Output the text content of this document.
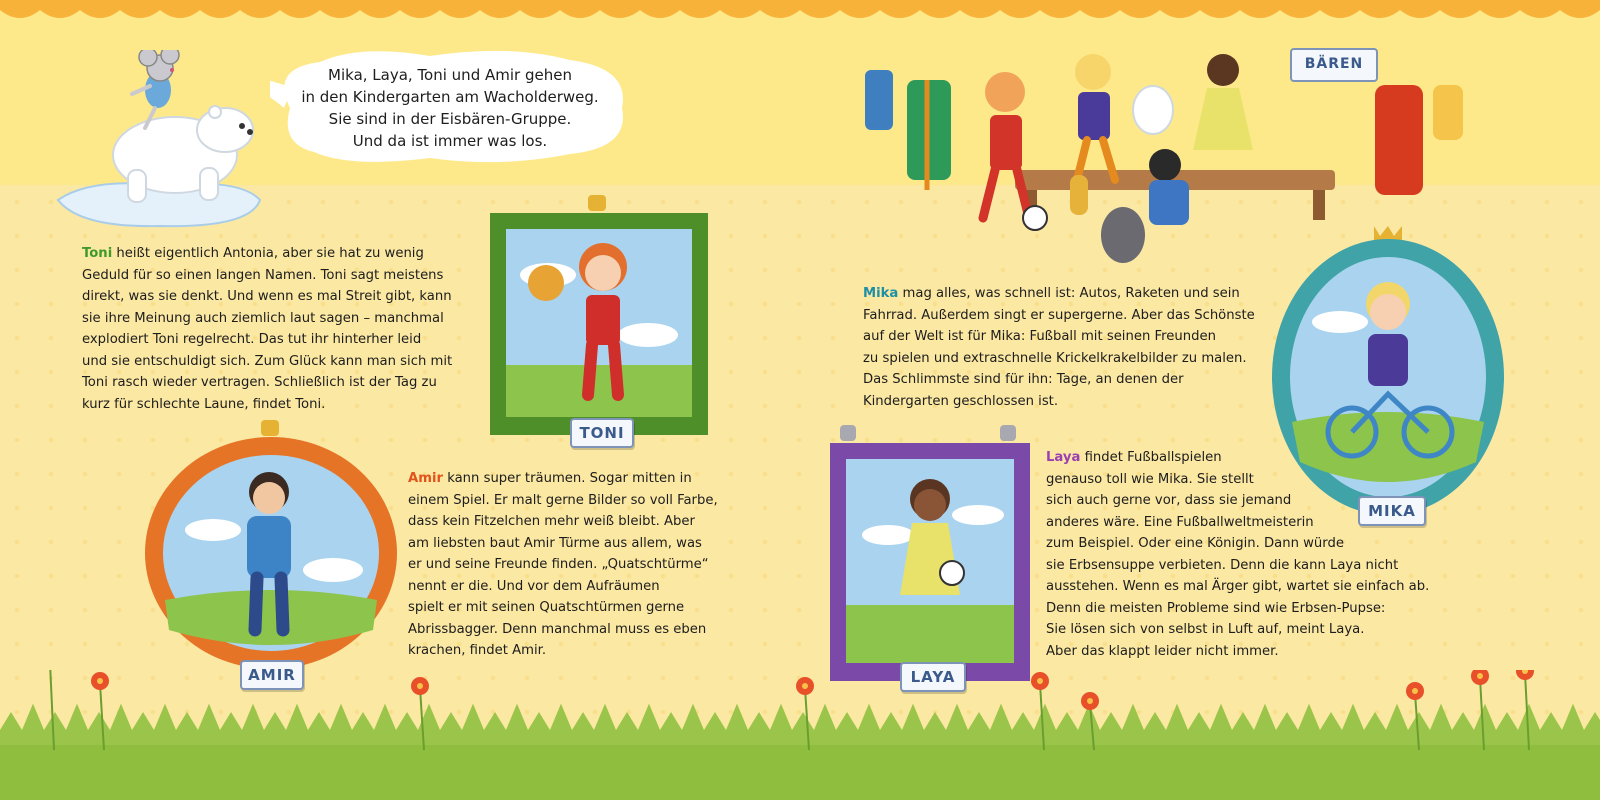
Mika, Laya, Toni und Amir gehen
in den Kindergarten am Wacholderweg.
Sie sind in der Eisbären-Gruppe.
Und da ist immer was los.
BÄREN
Toni heißt eigentlich Antonia, aber sie hat zu wenig
Geduld für so einen langen Namen. Toni sagt meistens
direkt, was sie denkt. Und wenn es mal Streit gibt, kann
sie ihre Meinung auch ziemlich laut sagen – manchmal
explodiert Toni regelrecht. Das tut ihr hinterher leid
und sie entschuldigt sich. Zum Glück kann man sich mit
Toni rasch wieder vertragen. Schließlich ist der Tag zu
kurz für schlechte Laune, findet Toni.
TONI
AMIR
Amir kann super träumen. Sogar mitten in
einem Spiel. Er malt gerne Bilder so voll Farbe,
dass kein Fitzelchen mehr weiß bleibt. Aber
am liebsten baut Amir Türme aus allem, was
er und seine Freunde finden. „Quatschtürme“
nennt er die. Und vor dem Aufräumen
spielt er mit seinen Quatschtürmen gerne
Abrissbagger. Denn manchmal muss es eben
krachen, findet Amir.
Mika mag alles, was schnell ist: Autos, Raketen und sein
Fahrrad. Außerdem singt er supergerne. Aber das Schönste
auf der Welt ist für Mika: Fußball mit seinen Freunden
zu spielen und extraschnelle Krickelkrakelbilder zu malen.
Das Schlimmste sind für ihn: Tage, an denen der
Kindergarten geschlossen ist.
MIKA
LAYA
Laya findet Fußballspielen
genauso toll wie Mika. Sie stellt
sich auch gerne vor, dass sie jemand
anderes wäre. Eine Fußballweltmeisterin
zum Beispiel. Oder eine Königin. Dann würde
sie Erbsensuppe verbieten. Denn die kann Laya nicht
ausstehen. Wenn es mal Ärger gibt, wartet sie einfach ab.
Denn die meisten Probleme sind wie Erbsen-Pupse:
Sie lösen sich von selbst in Luft auf, meint Laya.
Aber das klappt leider nicht immer.
